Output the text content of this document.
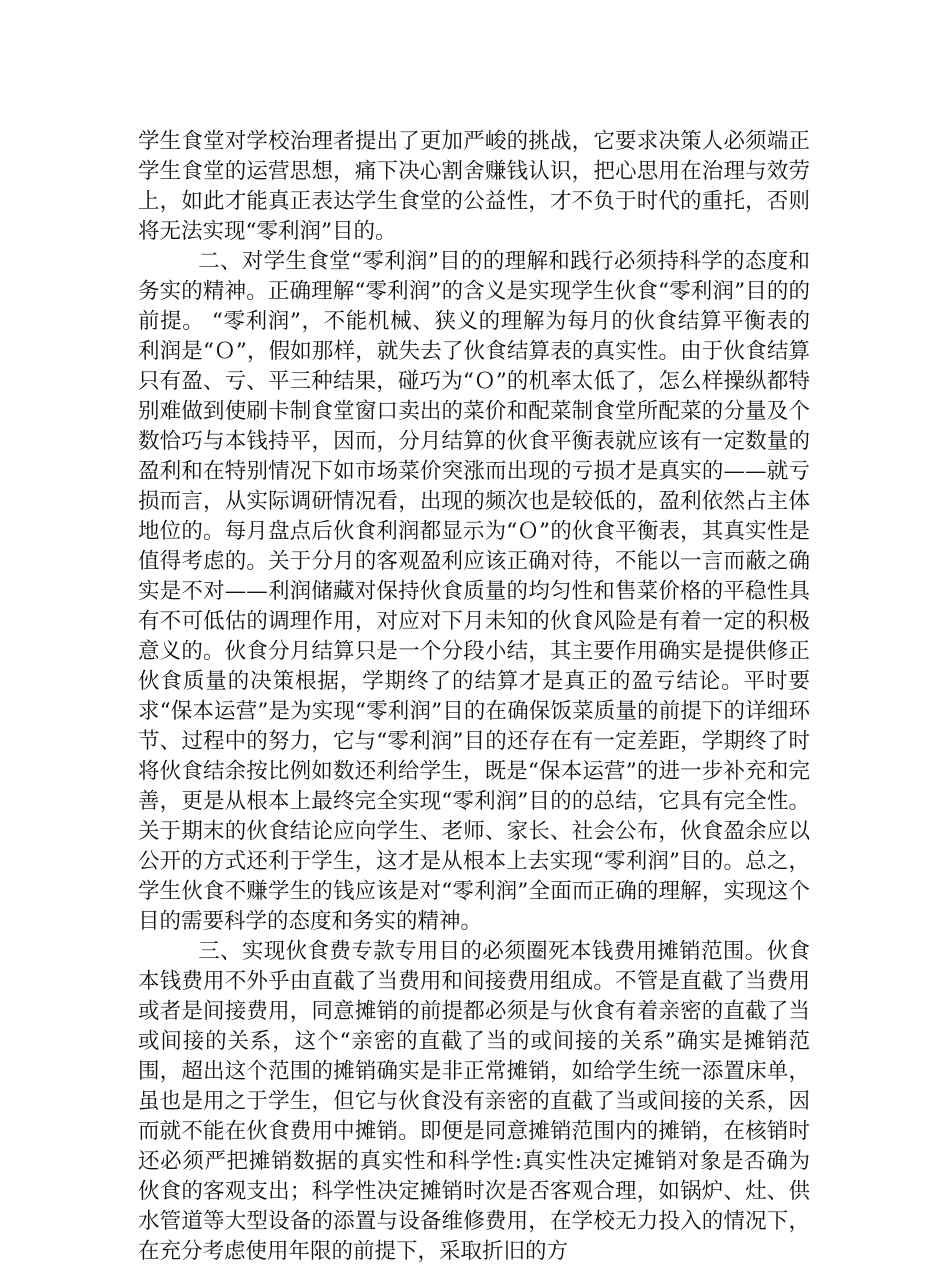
学生食堂对学校治理者提出了更加严峻的挑战，它要求决策人必须端正学生食堂的运营思想，痛下决心割舍赚钱认识，把心思用在治理与效劳上，如此才能真正表达学生食堂的公益性，才不负于时代的重托，否则将无法实现“零利润”目的。

二、对学生食堂“零利润”目的的理解和践行必须持科学的态度和务实的精神。正确理解“零利润”的含义是实现学生伙食“零利润”目的的前提。 “零利润”，不能机械、狭义的理解为每月的伙食结算平衡表的利润是“Ｏ”，假如那样，就失去了伙食结算表的真实性。由于伙食结算只有盈、亏、平三种结果，碰巧为“Ｏ”的机率太低了，怎么样操纵都特别难做到使刷卡制食堂窗口卖出的菜价和配菜制食堂所配菜的分量及个数恰巧与本钱持平，因而，分月结算的伙食平衡表就应该有一定数量的盈利和在特别情况下如市场菜价突涨而出现的亏损才是真实的——就亏损而言，从实际调研情况看，出现的频次也是较低的，盈利依然占主体地位的。每月盘点后伙食利润都显示为“Ｏ”的伙食平衡表，其真实性是值得考虑的。关于分月的客观盈利应该正确对待，不能以一言而蔽之确实是不对——利润储藏对保持伙食质量的均匀性和售菜价格的平稳性具有不可低估的调理作用，对应对下月未知的伙食风险是有着一定的积极意义的。伙食分月结算只是一个分段小结，其主要作用确实是提供修正伙食质量的决策根据，学期终了的结算才是真正的盈亏结论。平时要求“保本运营”是为实现“零利润”目的在确保饭菜质量的前提下的详细环节、过程中的努力，它与“零利润”目的还存在有一定差距，学期终了时将伙食结余按比例如数还利给学生，既是“保本运营”的进一步补充和完善，更是从根本上最终完全实现“零利润”目的的总结，它具有完全性。关于期末的伙食结论应向学生、老师、家长、社会公布，伙食盈余应以公开的方式还利于学生，这才是从根本上去实现“零利润”目的。总之，学生伙食不赚学生的钱应该是对“零利润”全面而正确的理解，实现这个目的需要科学的态度和务实的精神。

三、实现伙食费专款专用目的必须圈死本钱费用摊销范围。伙食本钱费用不外乎由直截了当费用和间接费用组成。不管是直截了当费用或者是间接费用，同意摊销的前提都必须是与伙食有着亲密的直截了当或间接的关系，这个“亲密的直截了当的或间接的关系”确实是摊销范围，超出这个范围的摊销确实是非正常摊销，如给学生统一添置床单，虽也是用之于学生，但它与伙食没有亲密的直截了当或间接的关系，因而就不能在伙食费用中摊销。即便是同意摊销范围内的摊销，在核销时还必须严把摊销数据的真实性和科学性:真实性决定摊销对象是否确为伙食的客观支出；科学性决定摊销时次是否客观合理，如锅炉、灶、供水管道等大型设备的添置与设备维修费用，在学校无力投入的情况下，在充分考虑使用年限的前提下，采取折旧的方
